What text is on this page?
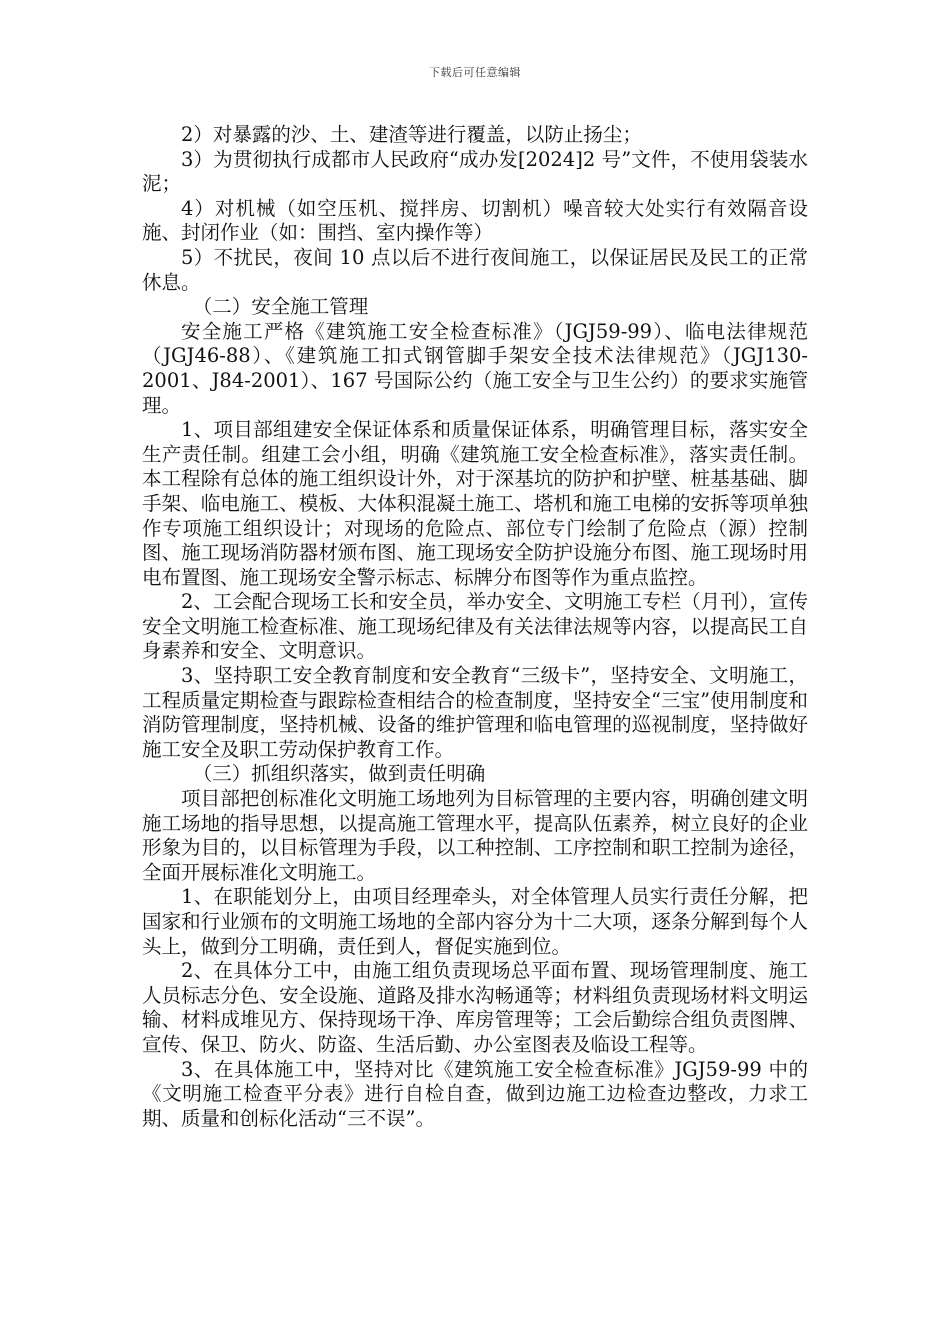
下载后可任意编辑

2）对暴露的沙、土、建渣等进行覆盖，以防止扬尘；

3）为贯彻执行成都市人民政府“成办发[2024]2 号”文件，不使用袋装水泥；

4）对机械（如空压机、搅拌房、切割机）噪音较大处实行有效隔音设施、封闭作业（如：围挡、室内操作等）

5）不扰民，夜间 10 点以后不进行夜间施工，以保证居民及民工的正常休息。

（二）安全施工管理

安全施工严格《建筑施工安全检查标准》（JGJ59-99）、临电法律规范（JGJ46-88）、《建筑施工扣式钢管脚手架安全技术法律规范》（JGJ130-2001、J84-2001）、167 号国际公约（施工安全与卫生公约）的要求实施管理。

1、项目部组建安全保证体系和质量保证体系，明确管理目标，落实安全生产责任制。组建工会小组，明确《建筑施工安全检查标准》，落实责任制。本工程除有总体的施工组织设计外，对于深基坑的防护和护壁、桩基基础、脚手架、临电施工、模板、大体积混凝土施工、塔机和施工电梯的安拆等项单独作专项施工组织设计；对现场的危险点、部位专门绘制了危险点（源）控制图、施工现场消防器材颁布图、施工现场安全防护设施分布图、施工现场时用电布置图、施工现场安全警示标志、标牌分布图等作为重点监控。

2、工会配合现场工长和安全员，举办安全、文明施工专栏（月刊），宣传安全文明施工检查标准、施工现场纪律及有关法律法规等内容，以提高民工自身素养和安全、文明意识。

3、坚持职工安全教育制度和安全教育“三级卡”，坚持安全、文明施工，工程质量定期检查与跟踪检查相结合的检查制度，坚持安全“三宝”使用制度和消防管理制度，坚持机械、设备的维护管理和临电管理的巡视制度，坚持做好施工安全及职工劳动保护教育工作。

（三）抓组织落实，做到责任明确

项目部把创标准化文明施工场地列为目标管理的主要内容，明确创建文明施工场地的指导思想，以提高施工管理水平，提高队伍素养，树立良好的企业形象为目的，以目标管理为手段，以工种控制、工序控制和职工控制为途径，全面开展标准化文明施工。

1、在职能划分上，由项目经理牵头，对全体管理人员实行责任分解，把国家和行业颁布的文明施工场地的全部内容分为十二大项，逐条分解到每个人头上，做到分工明确，责任到人，督促实施到位。

2、在具体分工中，由施工组负责现场总平面布置、现场管理制度、施工人员标志分色、安全设施、道路及排水沟畅通等；材料组负责现场材料文明运输、材料成堆见方、保持现场干净、库房管理等；工会后勤综合组负责图牌、宣传、保卫、防火、防盗、生活后勤、办公室图表及临设工程等。

3、在具体施工中，坚持对比《建筑施工安全检查标准》JGJ59-99 中的《文明施工检查平分表》进行自检自查，做到边施工边检查边整改，力求工期、质量和创标化活动“三不误”。
